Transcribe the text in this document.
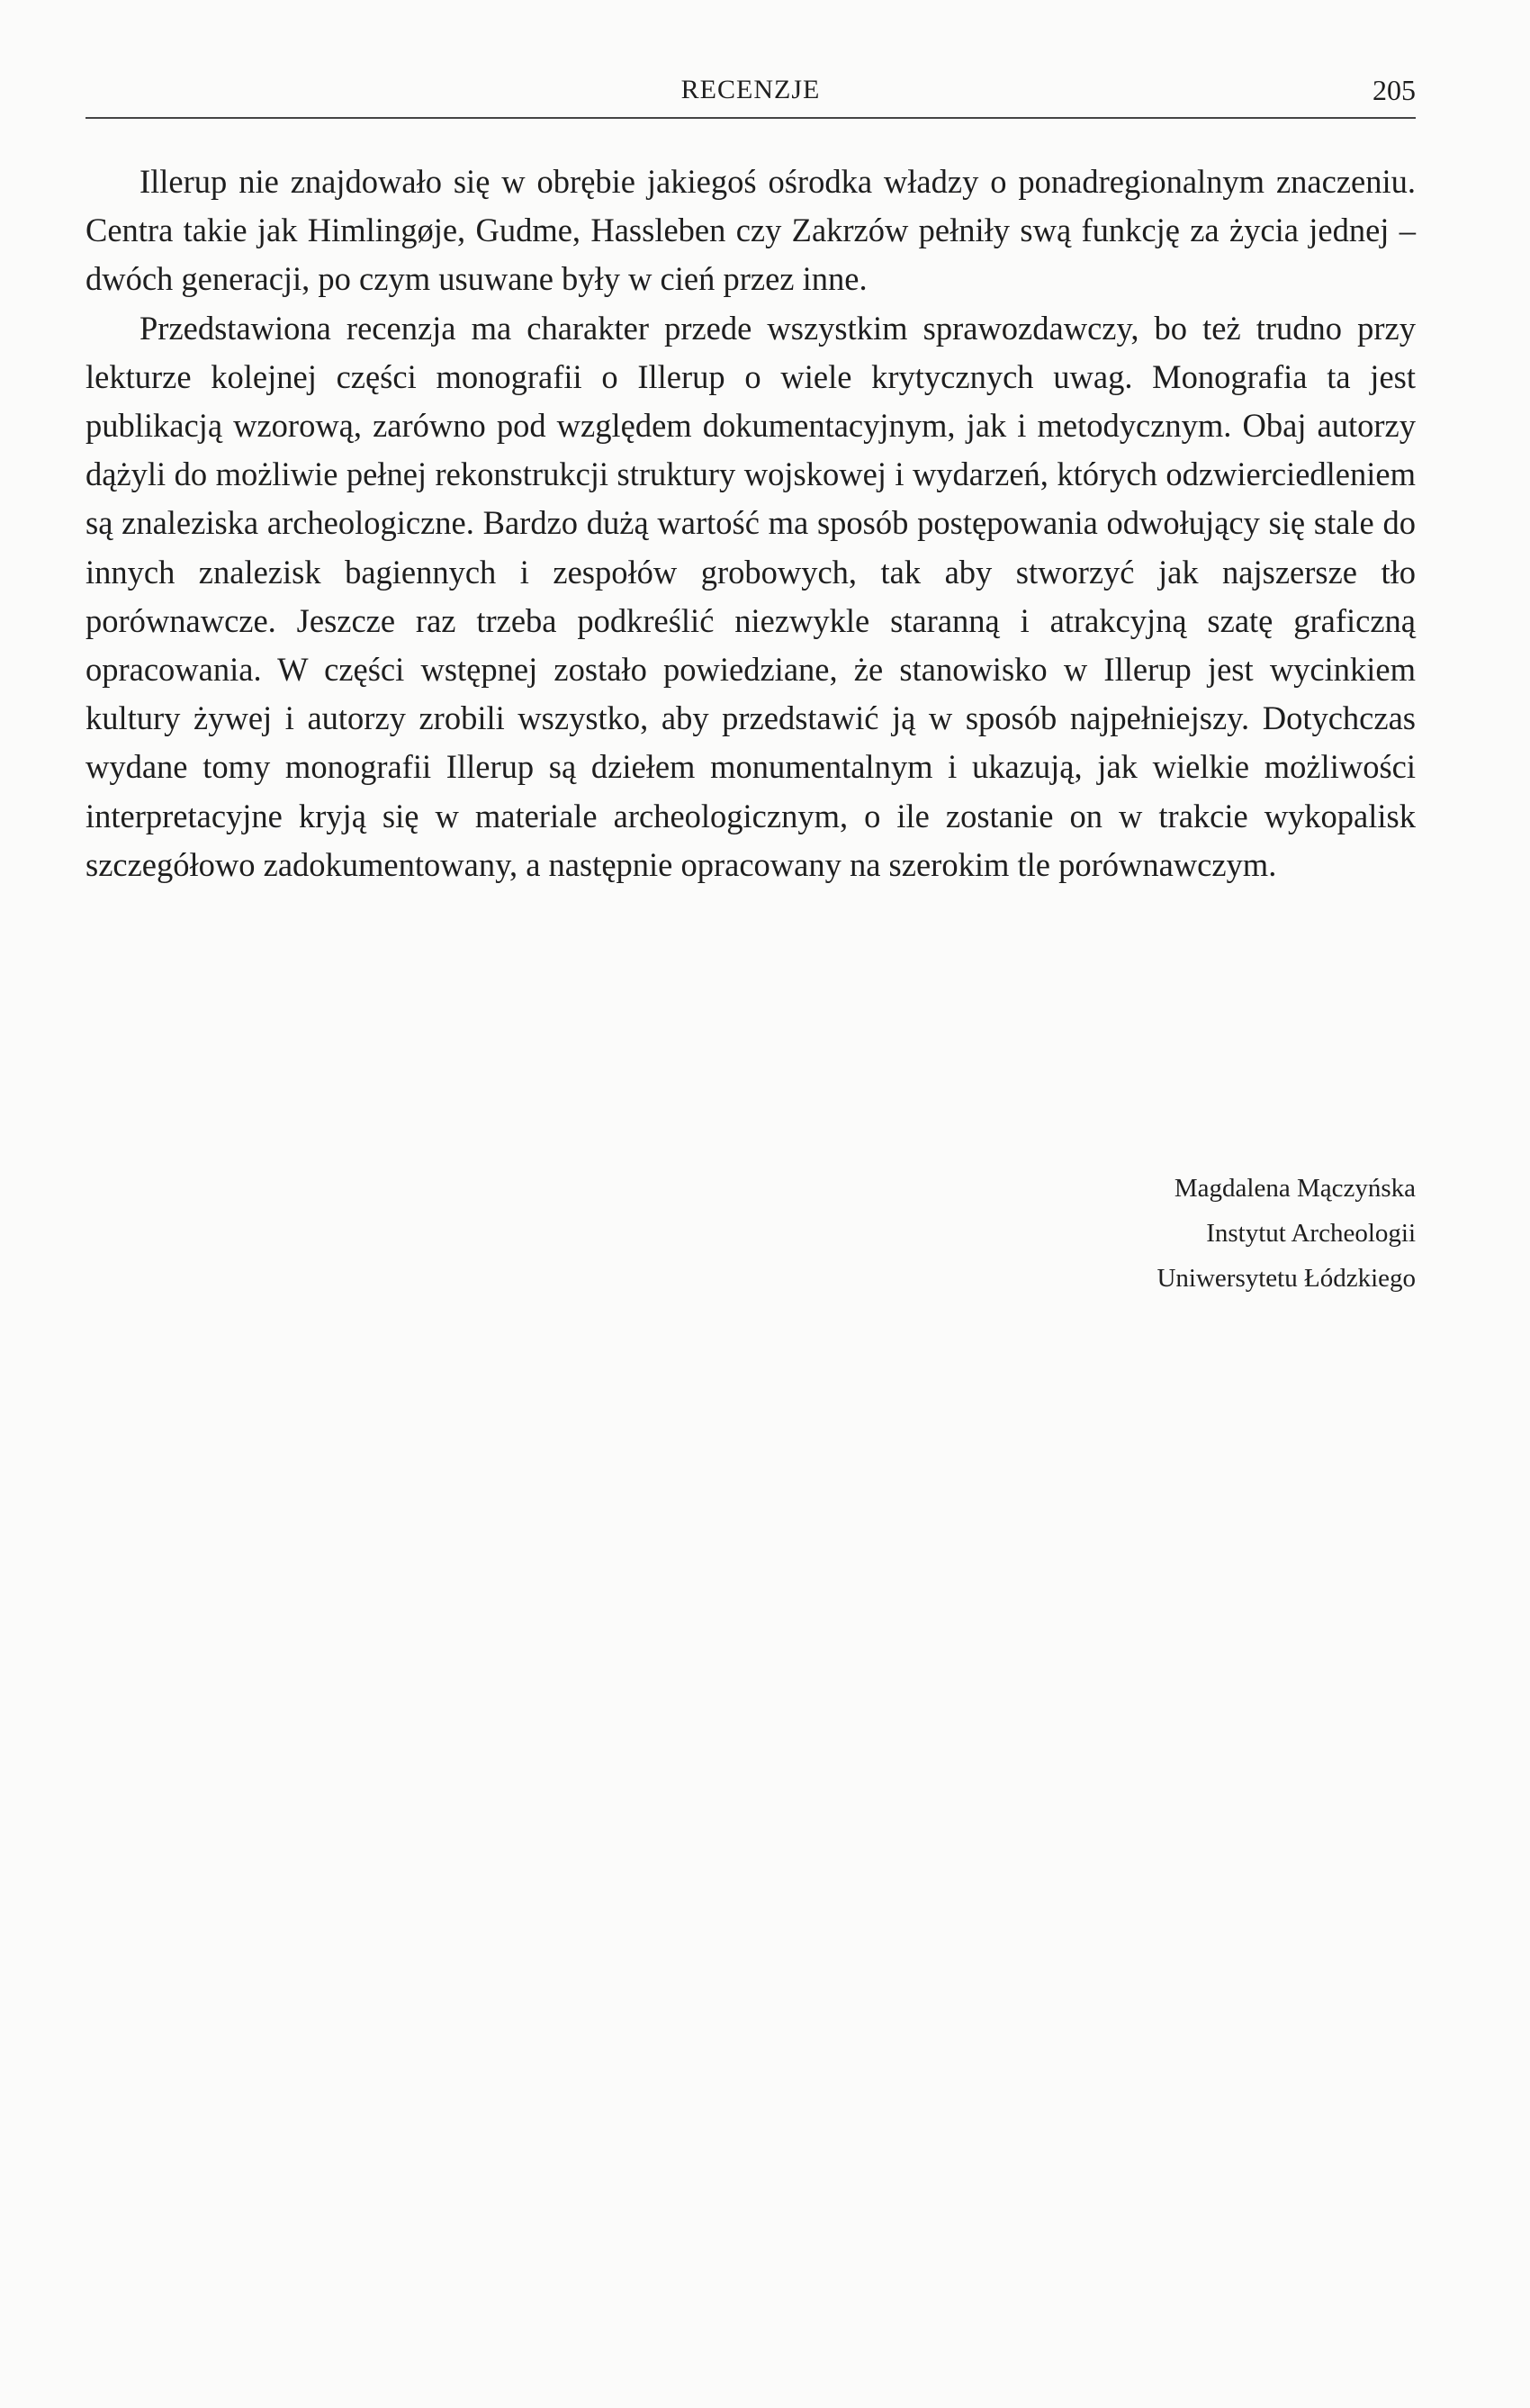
RECENZJE	205

Illerup nie znajdowało się w obrębie jakiegoś ośrodka władzy o ponadregionalnym znaczeniu. Centra takie jak Himlingøje, Gudme, Hassleben czy Zakrzów pełniły swą funkcję za życia jednej – dwóch generacji, po czym usuwane były w cień przez inne.

Przedstawiona recenzja ma charakter przede wszystkim sprawozdawczy, bo też trudno przy lekturze kolejnej części monografii o Illerup o wiele krytycznych uwag. Monografia ta jest publikacją wzorową, zarówno pod względem dokumentacyjnym, jak i metodycznym. Obaj autorzy dążyli do możliwie pełnej rekonstrukcji struktury wojskowej i wydarzeń, których odzwierciedleniem są znaleziska archeologiczne. Bardzo dużą wartość ma sposób postępowania odwołujący się stale do innych znalezisk bagiennych i zespołów grobowych, tak aby stworzyć jak najszersze tło porównawcze. Jeszcze raz trzeba podkreślić niezwykle staranną i atrakcyjną szatę graficzną opracowania. W części wstępnej zostało powiedziane, że stanowisko w Illerup jest wycinkiem kultury żywej i autorzy zrobili wszystko, aby przedstawić ją w sposób najpełniejszy. Dotychczas wydane tomy monografii Illerup są dziełem monumentalnym i ukazują, jak wielkie możliwości interpretacyjne kryją się w materiale archeologicznym, o ile zostanie on w trakcie wykopalisk szczegółowo zadokumentowany, a następnie opracowany na szerokim tle porównawczym.

Magdalena Mączyńska
Instytut Archeologii
Uniwersytetu Łódzkiego
